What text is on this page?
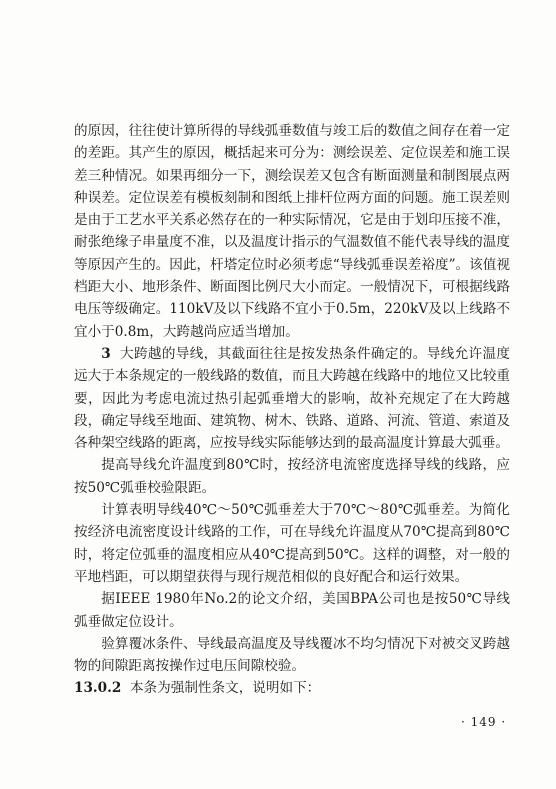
的原因，往往使计算所得的导线弧垂数值与竣工后的数值之间存在着一定的差距。其产生的原因，概括起来可分为：测绘误差、定位误差和施工误差三种情况。如果再细分一下，测绘误差又包含有断面测量和制图展点两种误差。定位误差有模板刻制和图纸上排杆位两方面的问题。施工误差则是由于工艺水平关系必然存在的一种实际情况，它是由于划印压接不准，耐张绝缘子串量度不准，以及温度计指示的气温数值不能代表导线的温度等原因产生的。因此，杆塔定位时必须考虑“导线弧垂误差裕度”。该值视档距大小、地形条件、断面图比例尺大小而定。一般情况下，可根据线路电压等级确定。110kV及以下线路不宜小于0.5m，220kV及以上线路不宜小于0.8m，大跨越尚应适当增加。

3 大跨越的导线，其截面往往是按发热条件确定的。导线允许温度远大于本条规定的一般线路的数值，而且大跨越在线路中的地位又比较重要，因此为考虑电流过热引起弧垂增大的影响，故补充规定了在大跨越段，确定导线至地面、建筑物、树木、铁路、道路、河流、管道、索道及各种架空线路的距离，应按导线实际能够达到的最高温度计算最大弧垂。

提高导线允许温度到80℃时，按经济电流密度选择导线的线路，应按50℃弧垂校验限距。

计算表明导线40℃～50℃弧垂差大于70℃～80℃弧垂差。为简化按经济电流密度设计线路的工作，可在导线允许温度从70℃提高到80℃时，将定位弧垂的温度相应从40℃提高到50℃。这样的调整，对一般的平地档距，可以期望获得与现行规范相似的良好配合和运行效果。

据IEEE 1980年No.2的论文介绍，美国BPA公司也是按50℃导线弧垂做定位设计。

验算覆冰条件、导线最高温度及导线覆冰不均匀情况下对被交叉跨越物的间隙距离按操作过电压间隙校验。

13.0.2 本条为强制性条文，说明如下：

· 149 ·
